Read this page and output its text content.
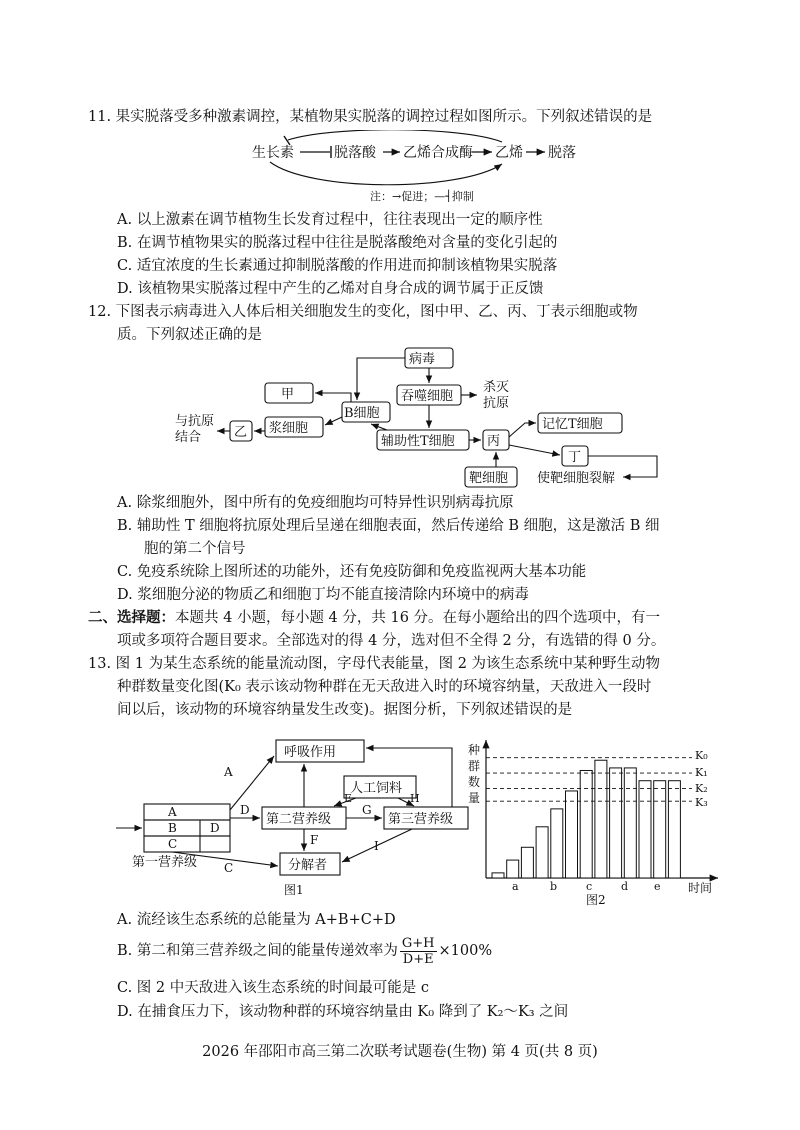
11. 果实脱落受多种激素调控，某植物果实脱落的调控过程如图所示。下列叙述错误的是
生长素	脱落酸 乙烯合成酶 乙烯 脱落
注：→促进；—┤抑制
A. 以上激素在调节植物生长发育过程中，往往表现出一定的顺序性
B. 在调节植物果实的脱落过程中往往是脱落酸绝对含量的变化引起的
C. 适宜浓度的生长素通过抑制脱落酸的作用进而抑制该植物果实脱落
D. 该植物果实脱落过程中产生的乙烯对自身合成的调节属于正反馈
12. 下图表示病毒进入人体后相关细胞发生的变化，图中甲、乙、丙、丁表示细胞或物
质。下列叙述正确的是
病毒
吞噬细胞
杀灭
抗原
甲
B细胞
浆细胞
乙
与抗原
结合	辅助性T细胞 丙
记忆T细胞
丁
靶细胞 使靶细胞裂解
A. 除浆细胞外，图中所有的免疫细胞均可特异性识别病毒抗原
B. 辅助性 T 细胞将抗原处理后呈递在细胞表面，然后传递给 B 细胞，这是激活 B 细
胞的第二个信号
C. 免疫系统除上图所述的功能外，还有免疫防御和免疫监视两大基本功能
D. 浆细胞分泌的物质乙和细胞丁均不能直接清除内环境中的病毒
二、选择题：本题共 4 小题，每小题 4 分，共 16 分。在每小题给出的四个选项中，有一
项或多项符合题目要求。全部选对的得 4 分，选对但不全得 2 分，有选错的得 0 分。
13. 图 1 为某生态系统的能量流动图，字母代表能量，图 2 为该生态系统中某种野生动物
种群数量变化图(K₀ 表示该动物种群在无天敌进入时的环境容纳量，天敌进入一段时
间以后，该动物的环境容纳量发生改变)。据图分析，下列叙述错误的是
呼吸作用
人工饲料
第二营养级	第三营养级
分解者
第一营养级
图1
A
B
C
D
A
D
C
E
F
G
H
I
种
群
数
量
时间
a	b	c	d e
K₀
K₁
K₂
K₃
图2
A. 流经该生态系统的总能量为 A+B+C+D
B. 第二和第三营养级之间的能量传递效率为 $\frac{G+H}{D+E} \times 100\%$
C. 图 2 中天敌进入该生态系统的时间最可能是 c
D. 在捕食压力下，该动物种群的环境容纳量由 K₀ 降到了 K₂～K₃ 之间
2026 年邵阳市高三第二次联考试题卷(生物) 第 4 页(共 8 页)
